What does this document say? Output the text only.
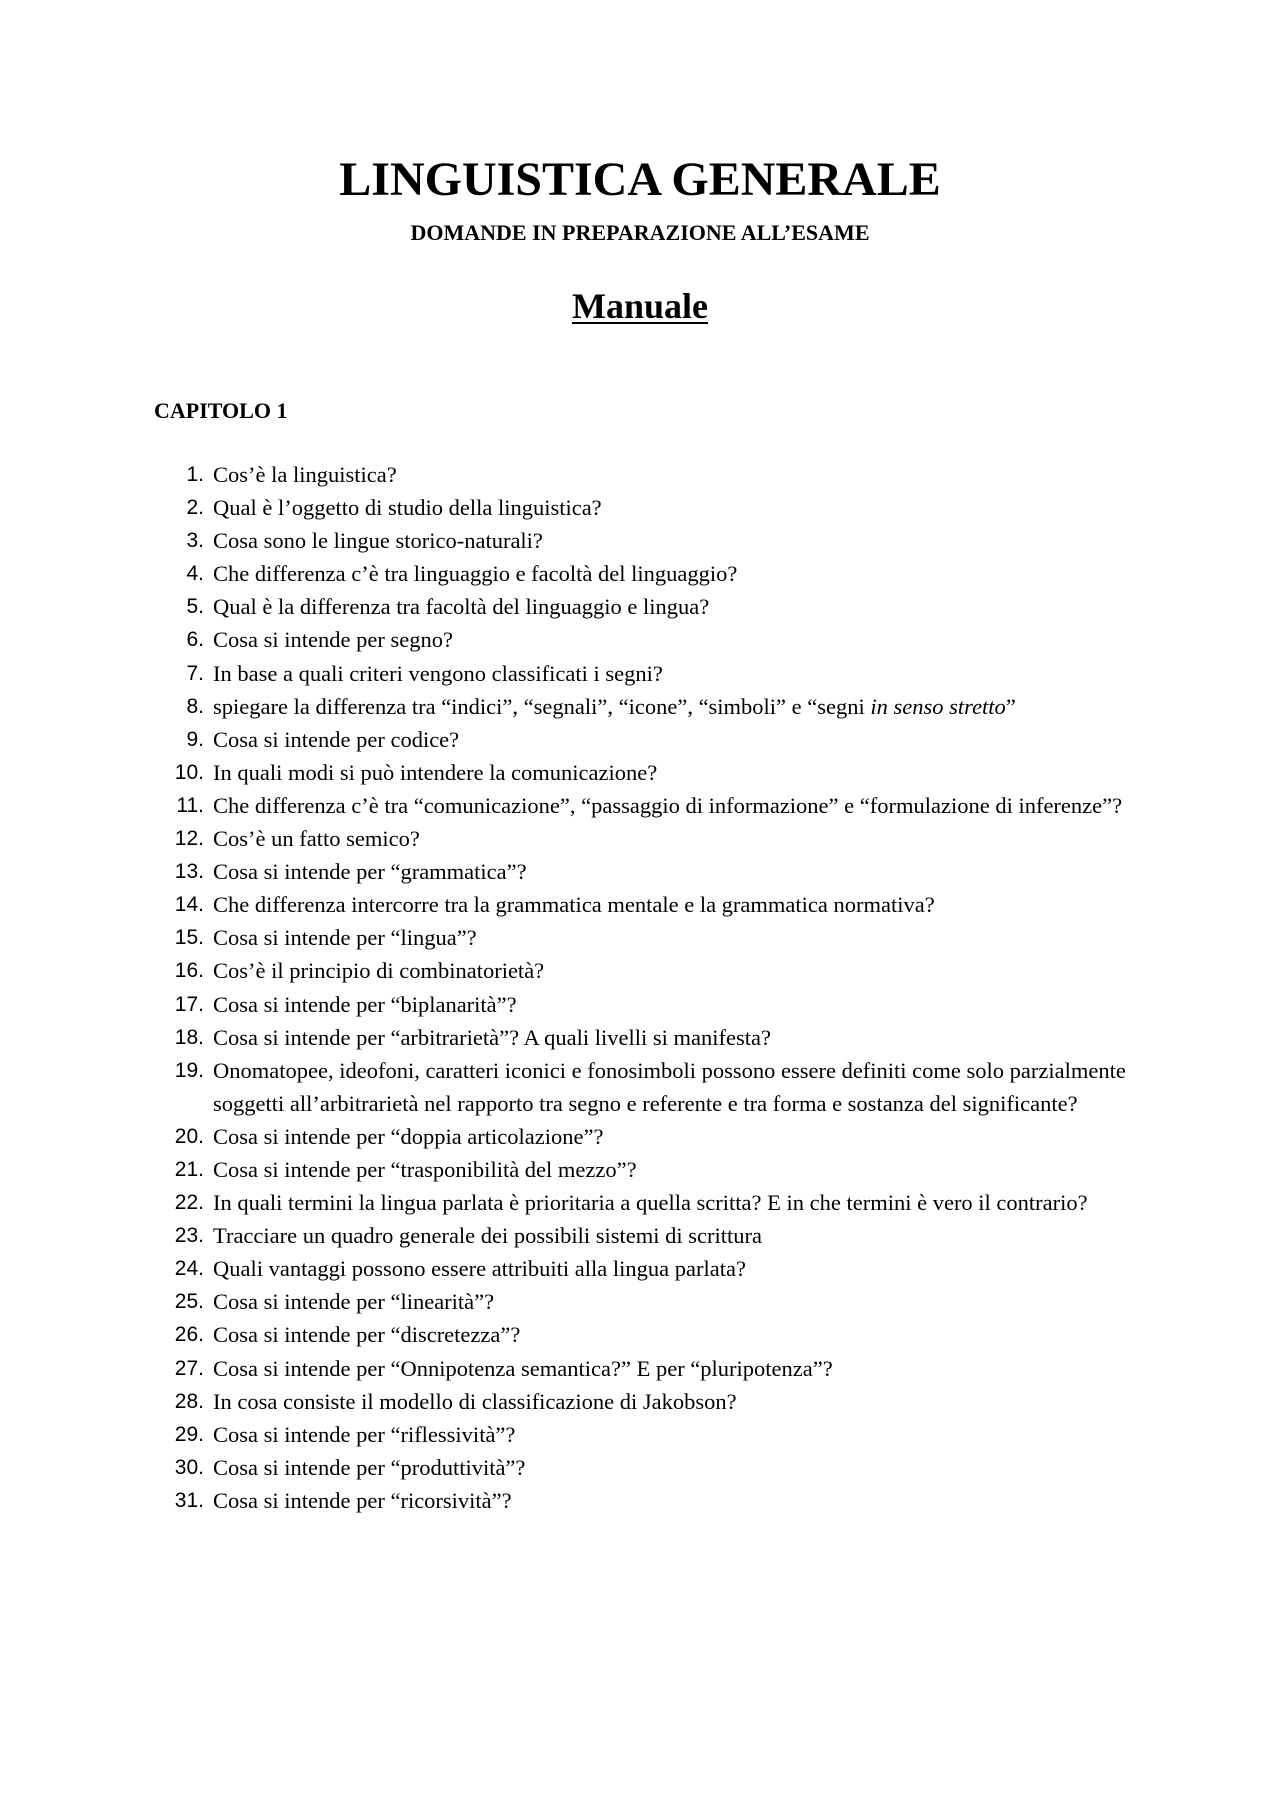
LINGUISTICA GENERALE
DOMANDE IN PREPARAZIONE ALL’ESAME
Manuale
CAPITOLO 1
1. Cos’è la linguistica?
2. Qual è l’oggetto di studio della linguistica?
3. Cosa sono le lingue storico-naturali?
4. Che differenza c’è tra linguaggio e facoltà del linguaggio?
5. Qual è la differenza tra facoltà del linguaggio e lingua?
6. Cosa si intende per segno?
7. In base a quali criteri vengono classificati i segni?
8. spiegare la differenza tra “indici”, “segnali”, “icone”, “simboli” e “segni in senso stretto”
9. Cosa si intende per codice?
10. In quali modi si può intendere la comunicazione?
11. Che differenza c’è tra “comunicazione”, “passaggio di informazione” e “formulazione di inferenze”?
12. Cos’è un fatto semico?
13. Cosa si intende per “grammatica”?
14. Che differenza intercorre tra la grammatica mentale e la grammatica normativa?
15. Cosa si intende per “lingua”?
16. Cos’è il principio di combinatorietà?
17. Cosa si intende per “biplanarità”?
18. Cosa si intende per “arbitrarietà”? A quali livelli si manifesta?
19. Onomatopee, ideofoni, caratteri iconici e fonosimboli possono essere definiti come solo parzialmente soggetti all’arbitrarietà nel rapporto tra segno e referente e tra forma e sostanza del significante?
20. Cosa si intende per “doppia articolazione”?
21. Cosa si intende per “trasponibilità del mezzo”?
22. In quali termini la lingua parlata è prioritaria a quella scritta? E in che termini è vero il contrario?
23. Tracciare un quadro generale dei possibili sistemi di scrittura
24. Quali vantaggi possono essere attribuiti alla lingua parlata?
25. Cosa si intende per “linearità”?
26. Cosa si intende per “discretezza”?
27. Cosa si intende per “Onnipotenza semantica?” E per “pluripotenza”?
28. In cosa consiste il modello di classificazione di Jakobson?
29. Cosa si intende per “riflessività”?
30. Cosa si intende per “produttività”?
31. Cosa si intende per “ricorsività”?
